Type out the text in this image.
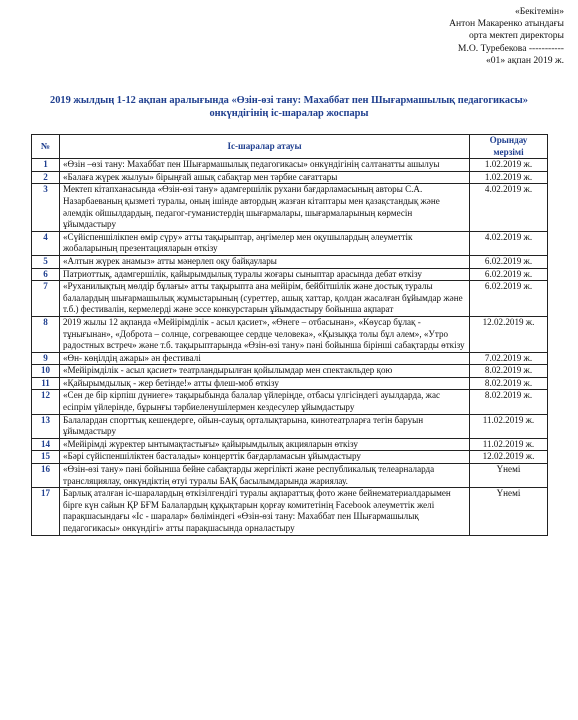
«Бекітемін»
Антон Макаренко атындағы
орта мектеп директоры
М.О. Туребекова -----------
«01» ақпан 2019 ж.
2019 жылдың 1-12 ақпан аралығында «Өзін-өзі тану: Махаббат пен Шығармашылық педагогикасы»
онкүндігінің іс-шаралар жоспары
№	Іс-шаралар атауы	Орындау
мерзімі

1	«Өзін –өзі тану: Махаббат пен Шығармашылық педагогикасы» онкүндігінің салтанатты ашылуы	1.02.2019 ж.
2	«Балаға жүрек жылуы» бірыңғай ашық сабақтар мен тәрбие сағаттары	1.02.2019 ж.
3	Мектеп кітапханасында «Өзін-өзі тану» адамгершілік рухани бағдарламасының авторы С.А. Назарбаеваның қызметі туралы, оның ішінде автордың жазған кітаптары мен қазақстандық және әлемдік ойшылдардың, педагог-гуманистердің шығармалары, шығармаларының көрмесін ұйымдастыру	4.02.2019 ж.
4	«Сүйіспеншілікпен өмір сүру» атты тақырыптар, әңгімелер мен оқушылардың әлеуметтік жобаларының презентацияларын өткізу	4.02.2019 ж.
5	«Алтын жүрек анамыз» атты мәнерлеп оқу байқаулары	6.02.2019 ж.
6	Патриоттық, адамгершілік, қайырымдылық туралы жоғары сыныптар арасында дебат өткізу	6.02.2019 ж.
7	«Руханилықтың мөлдір бұлағы» атты тақырыпта ана мейірім, бейбітшілік және достық туралы балалардың шығармашылық жұмыстарының (суреттер, ашық хаттар, қолдан жасалған бұйымдар және т.б.) фестивалін, кермелерді және эссе конкурстарын ұйымдастыру бойынша ақпарат	6.02.2019 ж.
8	2019 жылы 12 ақпанда «Мейірімділік - асыл қасиет», «Өнеге – отбасынан», «Көусар бұлақ - тұнығынан», «Доброта – солнце, согревающее сердце человека», «Қызыққа толы бұл әлем», «Утро радостных встреч» және т.б. тақырыптарында «Өзін-өзі тану» пәні бойынша бірінші сабақтарды өткізу	12.02.2019 ж.
9	«Өн- көңілдің ажары» ән фестивалі	7.02.2019 ж.
10	«Мейірімділік - асыл қасиет» театрландырылған қойылымдар мен спектакльдер қою	8.02.2019 ж.
11	«Қайырымдылық - жер бетінде!» атты флеш-моб өткізу	8.02.2019 ж.
12	«Сен де бір кірпіш дүниеге» тақырыбында балалар үйлеріңде, отбасы үлгісіндегі ауылдарда, жас есіпрім үйлерінде, бұрынғы тәрбиеленушілермен кездесулер ұйымдастыру	8.02.2019 ж.
13	Балалардан спорттық кешендерге, ойын-сауық орталықтарына, кинотеатрларға тегін баруын ұйымдастыру	11.02.2019 ж.
14	«Мейірімді жүректер ынтымақтастығы» қайырымдылық акцияларын өткізу	11.02.2019 ж.
15	«Бәрі сүйіспеншіліктен басталады» концерттік бағдарламасын ұйымдастыру	12.02.2019 ж.
16	«Өзін-өзі тану» пәні бойынша бейне сабақтарды жергілікті және республикалық телеарналарда трансляциялау, онкүндіктің өтуі туралы БАҚ басылымдарында жариялау.	Үнемі
17	Барлық аталған іс-шаралардың өткізілгендігі туралы ақпараттық фото және бейнематериалдарымен бірге күн сайын ҚР БҒМ Балалардың құқықтарын қорғау комитетінің Facebook әлеуметтік желі парақшасындағы «Іс - шаралар» бөліміндегі «Өзін-өзі тану: Махаббат пен Шығармашылық педагогикасы» онкүндігі» атты парақшасында орналастыру	Үнемі
